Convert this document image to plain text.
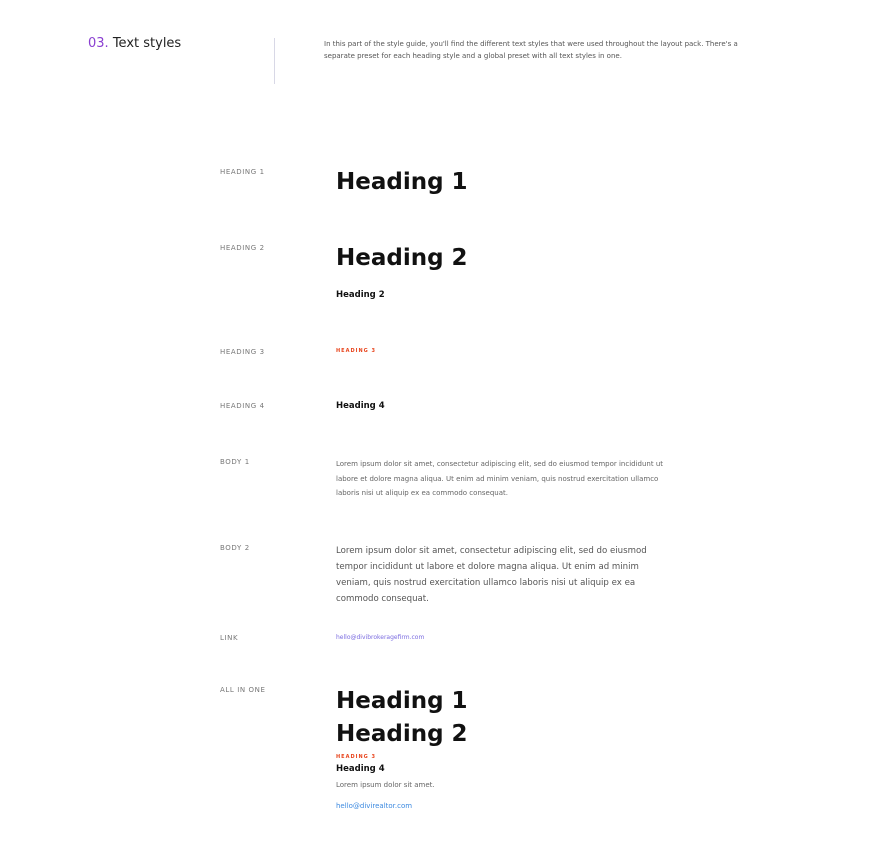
03. Text styles	In this part of the style guide, you'll find the different text styles that were used throughout the layout pack. There's a separate preset for each heading style and a global preset with all text styles in one.
HEADING 1	Heading 1
HEADING 2	Heading 2
Heading 2
HEADING 3	HEADING 3
HEADING 4	Heading 4
BODY 1	Lorem ipsum dolor sit amet, consectetur adipiscing elit, sed do eiusmod tempor incididunt ut labore et dolore magna aliqua. Ut enim ad minim veniam, quis nostrud exercitation ullamco laboris nisi ut aliquip ex ea commodo consequat.
BODY 2	Lorem ipsum dolor sit amet, consectetur adipiscing elit, sed do eiusmod tempor incididunt ut labore et dolore magna aliqua. Ut enim ad minim veniam, quis nostrud exercitation ullamco laboris nisi ut aliquip ex ea commodo consequat.
LINK	hello@divibrokeragefirm.com
ALL IN ONE	Heading 1
Heading 2
HEADING 3
Heading 4
Lorem ipsum dolor sit amet.
hello@divirealtor.com
